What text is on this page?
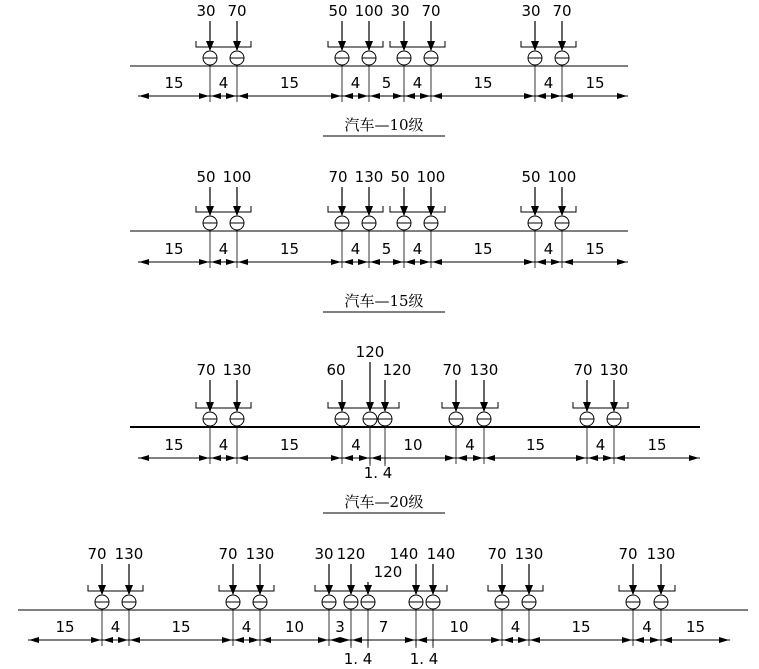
30 70	50 100 30 70	30 70
15 4	15	4 5 4	15	4 15
汽车—10级
50 100	70 130 50 100	50 100
15 4	15	4 5 4	15	4 15
汽车—15级
70 130	60
120
120 70 130	70 130
15 4	15	4	10	4	15	4	15
1. 4
汽车—20级
70 130	70 130	30 120
120
140 140 70 130	70 130
15 4	15	4 10 3 7	10	4	15	4 15
1. 4 1. 4
